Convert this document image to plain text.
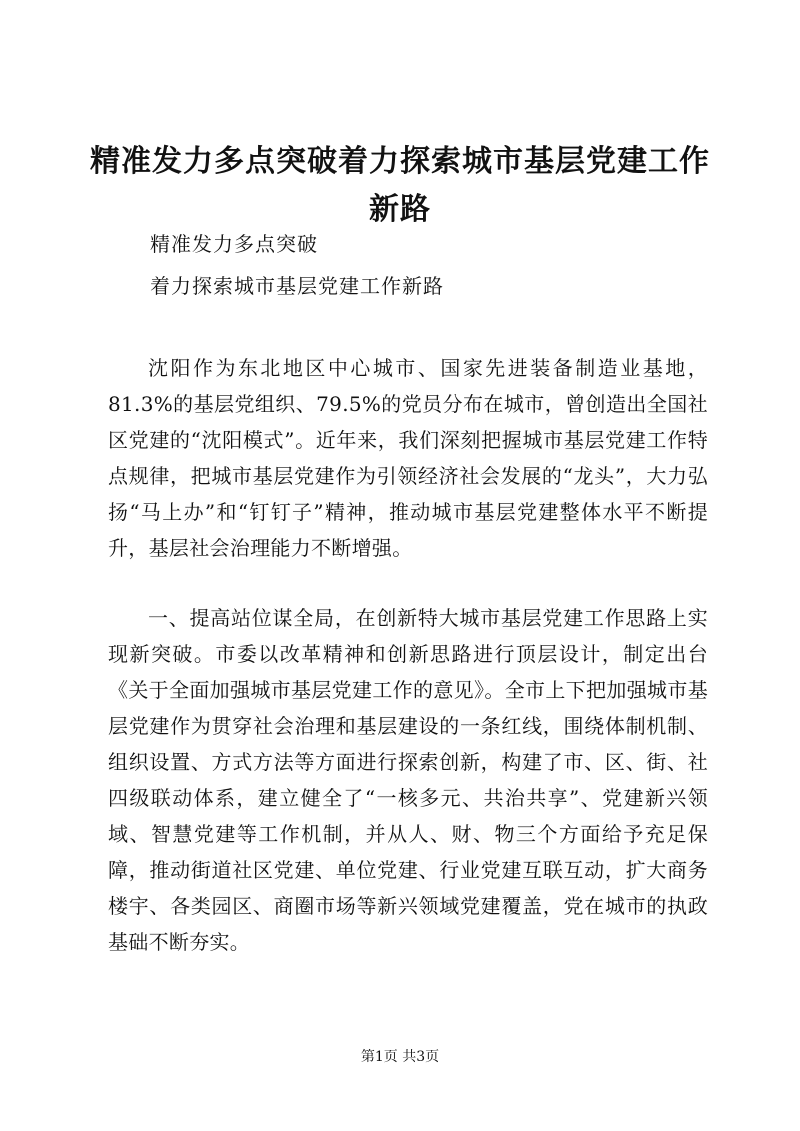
精准发力多点突破着力探索城市基层党建工作新路

精准发力多点突破

着力探索城市基层党建工作新路

沈阳作为东北地区中心城市、国家先进装备制造业基地，81.3%的基层党组织、79.5%的党员分布在城市，曾创造出全国社区党建的“沈阳模式”。近年来，我们深刻把握城市基层党建工作特点规律，把城市基层党建作为引领经济社会发展的“龙头”，大力弘扬“马上办”和“钉钉子”精神，推动城市基层党建整体水平不断提升，基层社会治理能力不断增强。

一、提高站位谋全局，在创新特大城市基层党建工作思路上实现新突破。市委以改革精神和创新思路进行顶层设计，制定出台《关于全面加强城市基层党建工作的意见》。全市上下把加强城市基层党建作为贯穿社会治理和基层建设的一条红线，围绕体制机制、组织设置、方式方法等方面进行探索创新，构建了市、区、街、社四级联动体系，建立健全了“一核多元、共治共享”、党建新兴领域、智慧党建等工作机制，并从人、财、物三个方面给予充足保障，推动街道社区党建、单位党建、行业党建互联互动，扩大商务楼宇、各类园区、商圈市场等新兴领域党建覆盖，党在城市的执政基础不断夯实。

第1页 共3页
